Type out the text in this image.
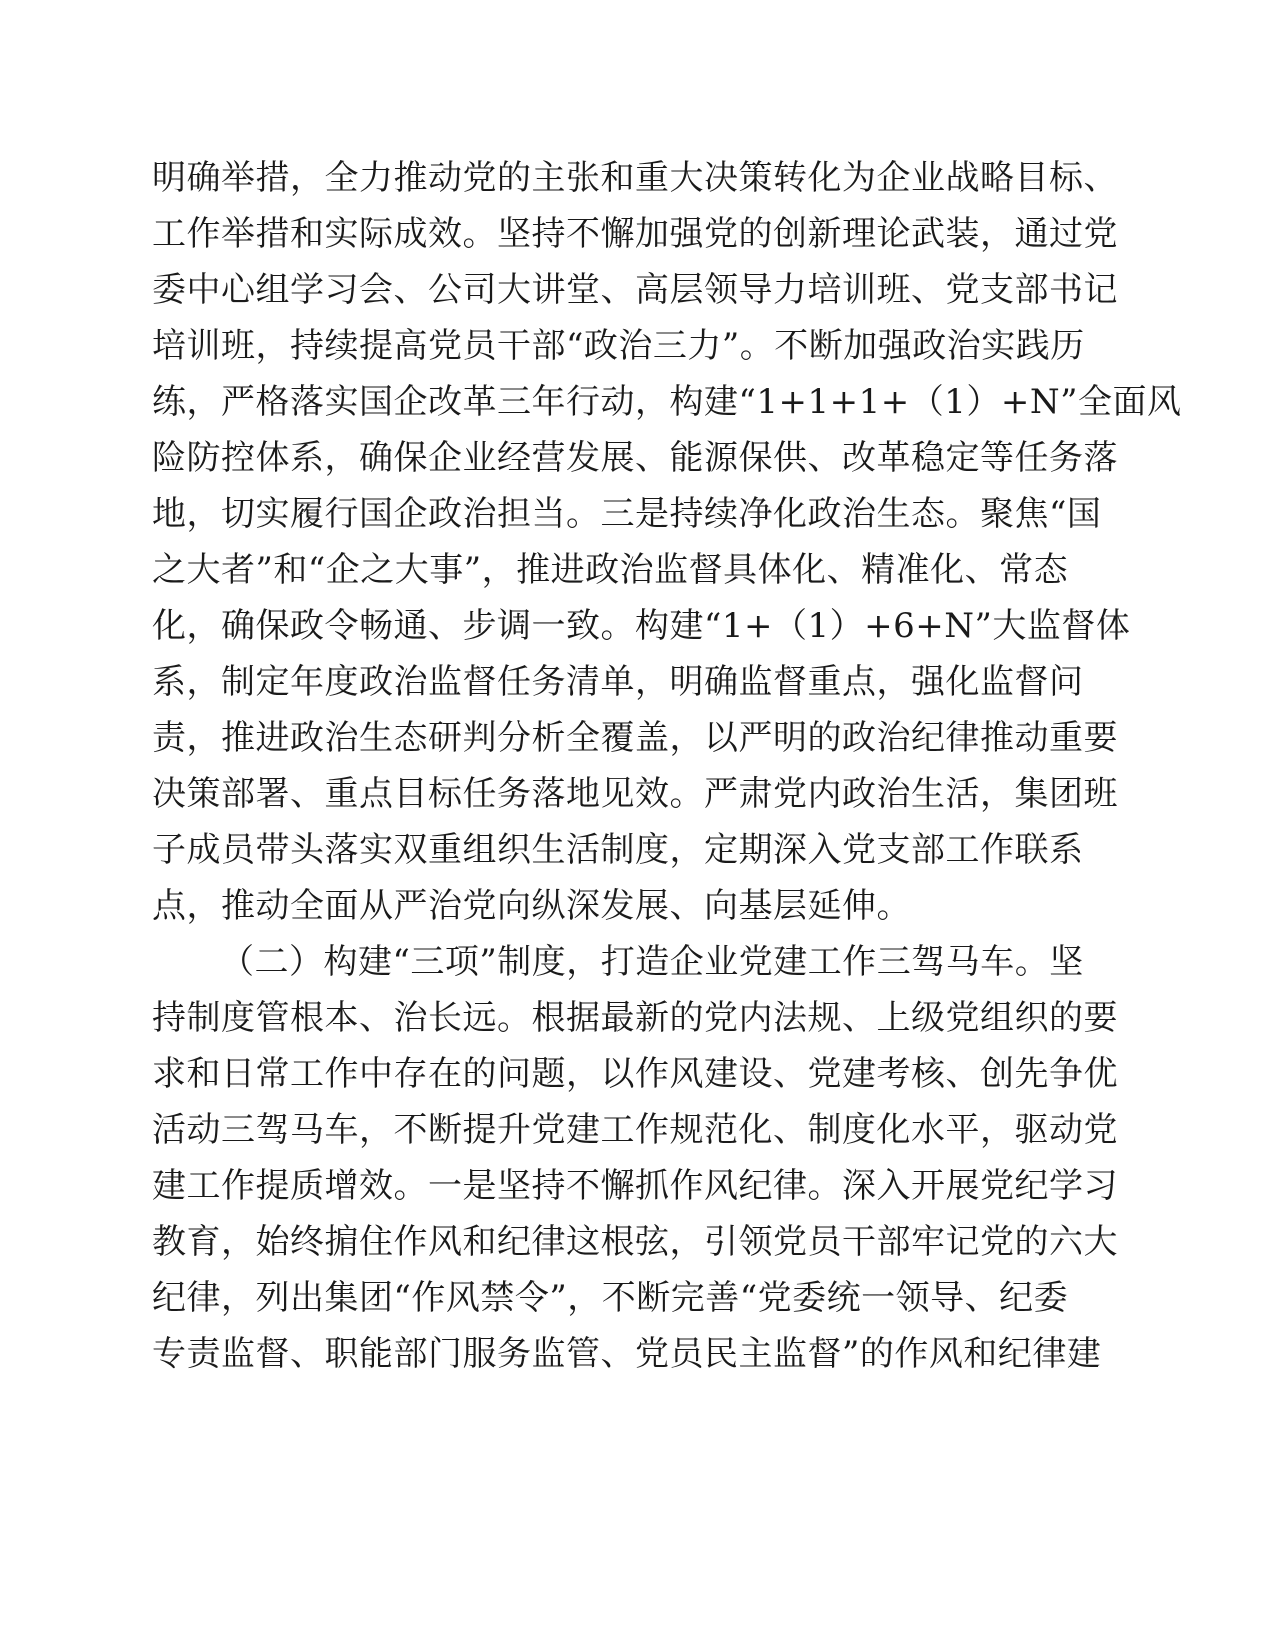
明确举措，全力推动党的主张和重大决策转化为企业战略目标、
工作举措和实际成效。坚持不懈加强党的创新理论武装，通过党
委中心组学习会、公司大讲堂、高层领导力培训班、党支部书记
培训班，持续提高党员干部“政治三力”。不断加强政治实践历
练，严格落实国企改革三年行动，构建“1+1+1+（1）+N”全面风
险防控体系，确保企业经营发展、能源保供、改革稳定等任务落
地，切实履行国企政治担当。三是持续净化政治生态。聚焦“国
之大者”和“企之大事”，推进政治监督具体化、精准化、常态
化，确保政令畅通、步调一致。构建“1+（1）+6+N”大监督体
系，制定年度政治监督任务清单，明确监督重点，强化监督问
责，推进政治生态研判分析全覆盖，以严明的政治纪律推动重要
决策部署、重点目标任务落地见效。严肃党内政治生活，集团班
子成员带头落实双重组织生活制度，定期深入党支部工作联系
点，推动全面从严治党向纵深发展、向基层延伸。
（二）构建“三项”制度，打造企业党建工作三驾马车。坚
持制度管根本、治长远。根据最新的党内法规、上级党组织的要
求和日常工作中存在的问题，以作风建设、党建考核、创先争优
活动三驾马车，不断提升党建工作规范化、制度化水平，驱动党
建工作提质增效。一是坚持不懈抓作风纪律。深入开展党纪学习
教育，始终掮住作风和纪律这根弦，引领党员干部牢记党的六大
纪律，列出集团“作风禁令”，不断完善“党委统一领导、纪委
专责监督、职能部门服务监管、党员民主监督”的作风和纪律建
